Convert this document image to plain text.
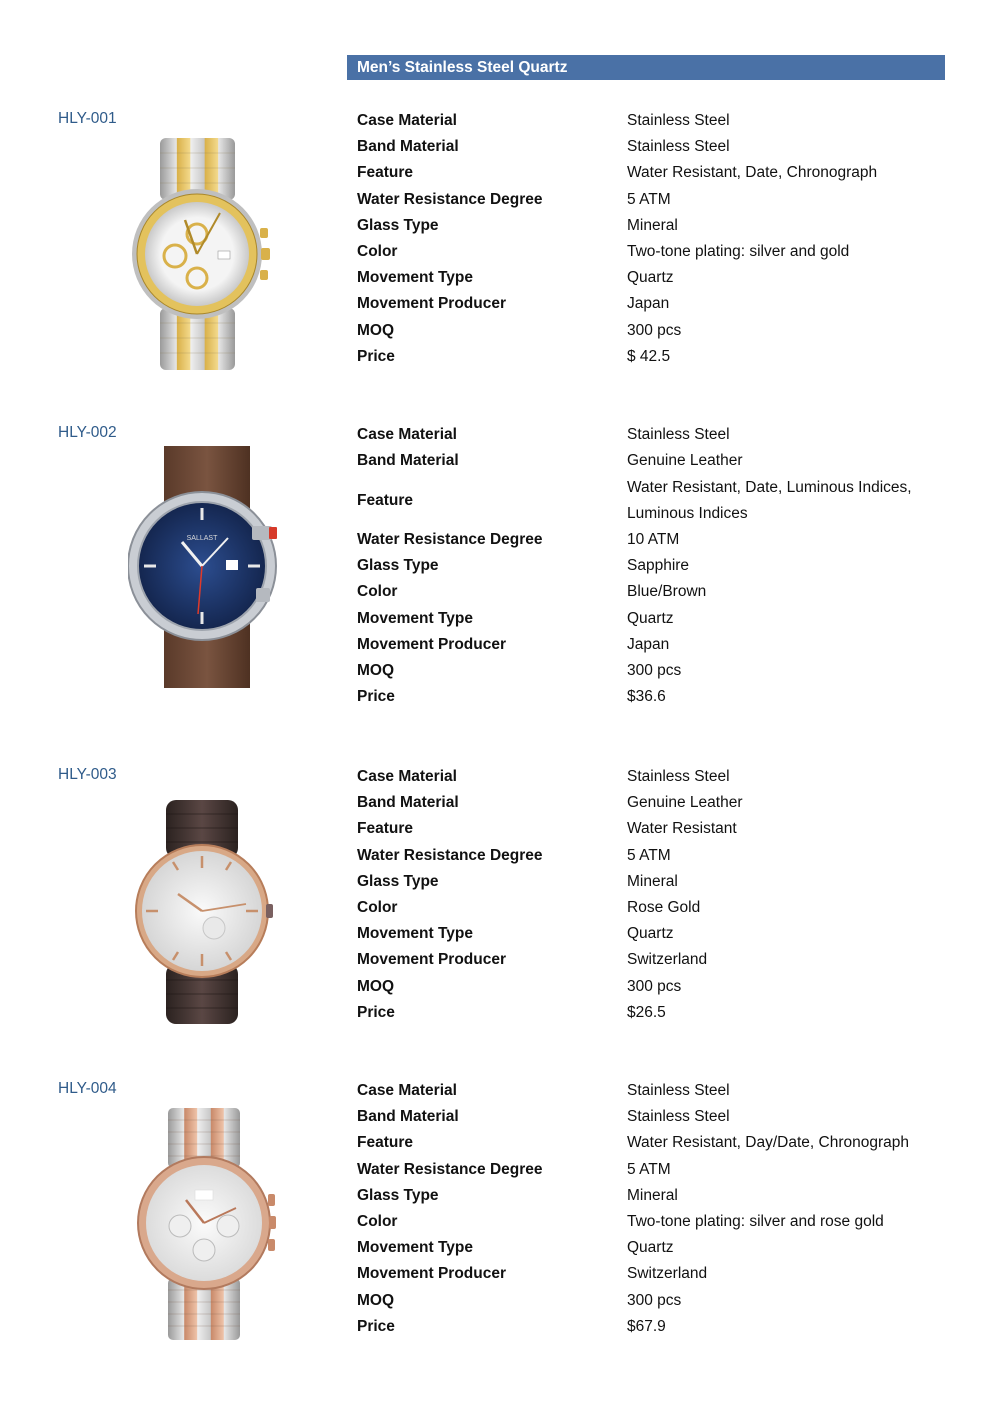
Men’s Stainless Steel Quartz
HLY-001	Case Material	Stainless Steel
Band Material	Stainless Steel
Feature	Water Resistant, Date, Chronograph
Water Resistance Degree	5 ATM
Glass Type	Mineral
Color	Two-tone plating: silver and gold
Movement Type	Quartz
Movement Producer	Japan
MOQ	300 pcs
Price	$ 42.5
HLY-002
SALLAST
Case Material	Stainless Steel
Band Material	Genuine Leather
Feature
Water Resistant, Date, Luminous Indices, Luminous Indices
Water Resistance Degree	10 ATM
Glass Type	Sapphire
Color	Blue/Brown
Movement Type	Quartz
Movement Producer	Japan
MOQ	300 pcs
Price	$36.6
HLY-003	Case Material	Stainless Steel
Band Material	Genuine Leather
Feature	Water Resistant
Water Resistance Degree	5 ATM
Glass Type	Mineral
Color	Rose Gold
Movement Type	Quartz
Movement Producer	Switzerland
MOQ	300 pcs
Price	$26.5
HLY-004	Case Material	Stainless Steel
Band Material	Stainless Steel
Feature	Water Resistant, Day/Date, Chronograph
Water Resistance Degree	5 ATM
Glass Type	Mineral
Color	Two-tone plating: silver and rose gold
Movement Type	Quartz
Movement Producer	Switzerland
MOQ	300 pcs
Price	$67.9
